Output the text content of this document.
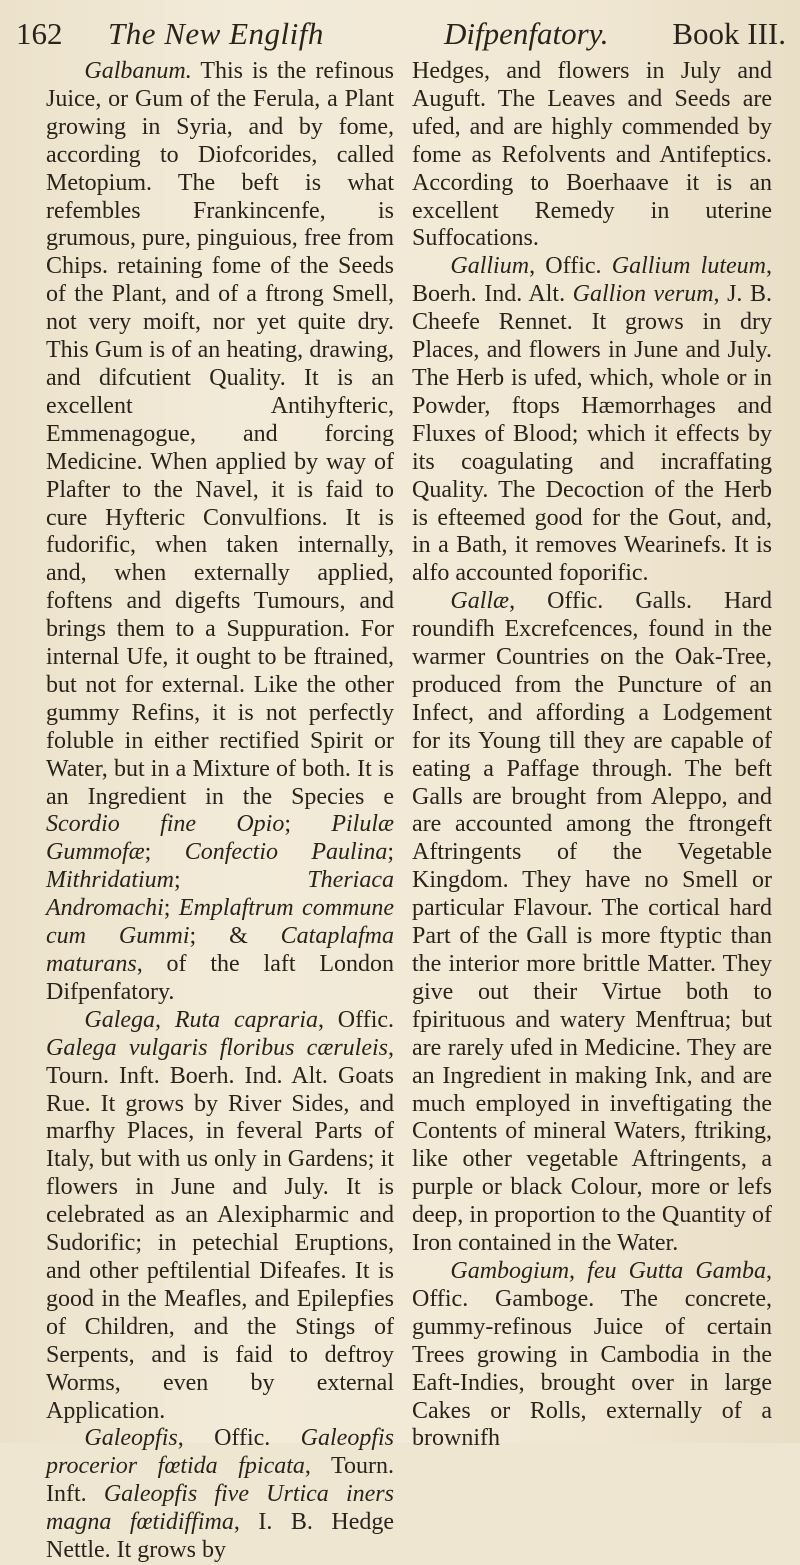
162 The New Englifh	Difpenfatory. Book III.

Galbanum. This is the refinous Juice, or Gum of the Ferula, a Plant growing in Syria, and by fome, according to Diofcorides, called Metopium. The beft is what refembles Frankincenfe, is grumous, pure, pinguious, free from Chips. retaining fome of the Seeds of the Plant, and of a ftrong Smell, not very moift, nor yet quite dry. This Gum is of an heating, drawing, and difcutient Quality. It is an excellent Antihyfteric, Emmenagogue, and forcing Medicine. When applied by way of Plafter to the Navel, it is faid to cure Hyfteric Convulfions. It is fudorific, when taken internally, and, when externally applied, foftens and digefts Tumours, and brings them to a Suppuration. For internal Ufe, it ought to be ftrained, but not for external. Like the other gummy Refins, it is not perfectly foluble in either rectified Spirit or Water, but in a Mixture of both. It is an Ingredient in the Species e Scordio fine Opio; Pilulæ Gummofæ; Confectio Paulina; Mithridatium; Theriaca Andromachi; Emplaftrum commune cum Gummi; & Cataplafma maturans, of the laft London Difpenfatory.

Galega, Ruta capraria, Offic. Galega vulgaris floribus cæruleis, Tourn. Inft. Boerh. Ind. Alt. Goats Rue. It grows by River Sides, and marfhy Places, in feveral Parts of Italy, but with us only in Gardens; it flowers in June and July. It is celebrated as an Alexipharmic and Sudorific; in petechial Eruptions, and other peftilential Difeafes. It is good in the Meafles, and Epilepfies of Children, and the Stings of Serpents, and is faid to deftroy Worms, even by external Application.

Galeopfis, Offic. Galeopfis procerior fœtida fpicata, Tourn. Inft. Galeopfis five Urtica iners magna fœtidiffima, I. B. Hedge Nettle. It grows by

Hedges, and flowers in July and Auguft. The Leaves and Seeds are ufed, and are highly commended by fome as Refolvents and Antifeptics. According to Boerhaave it is an excellent Remedy in uterine Suffocations.

Gallium, Offic. Gallium luteum, Boerh. Ind. Alt. Gallion verum, J. B. Cheefe Rennet. It grows in dry Places, and flowers in June and July. The Herb is ufed, which, whole or in Powder, ftops Hæmorrhages and Fluxes of Blood; which it effects by its coagulating and incraffating Quality. The Decoction of the Herb is efteemed good for the Gout, and, in a Bath, it removes Wearinefs. It is alfo accounted foporific.

Gallæ, Offic. Galls. Hard roundifh Excrefcences, found in the warmer Countries on the Oak-Tree, produced from the Puncture of an Infect, and affording a Lodgement for its Young till they are capable of eating a Paffage through. The beft Galls are brought from Aleppo, and are accounted among the ftrongeft Aftringents of the Vegetable Kingdom. They have no Smell or particular Flavour. The cortical hard Part of the Gall is more ftyptic than the interior more brittle Matter. They give out their Virtue both to fpirituous and watery Menftrua; but are rarely ufed in Medicine. They are an Ingredient in making Ink, and are much employed in inveftigating the Contents of mineral Waters, ftriking, like other vegetable Aftringents, a purple or black Colour, more or lefs deep, in proportion to the Quantity of Iron contained in the Water.

Gambogium, feu Gutta Gamba, Offic. Gamboge. The concrete, gummy-refinous Juice of certain Trees growing in Cambodia in the Eaft-Indies, brought over in large Cakes or Rolls, externally of a brownifh
